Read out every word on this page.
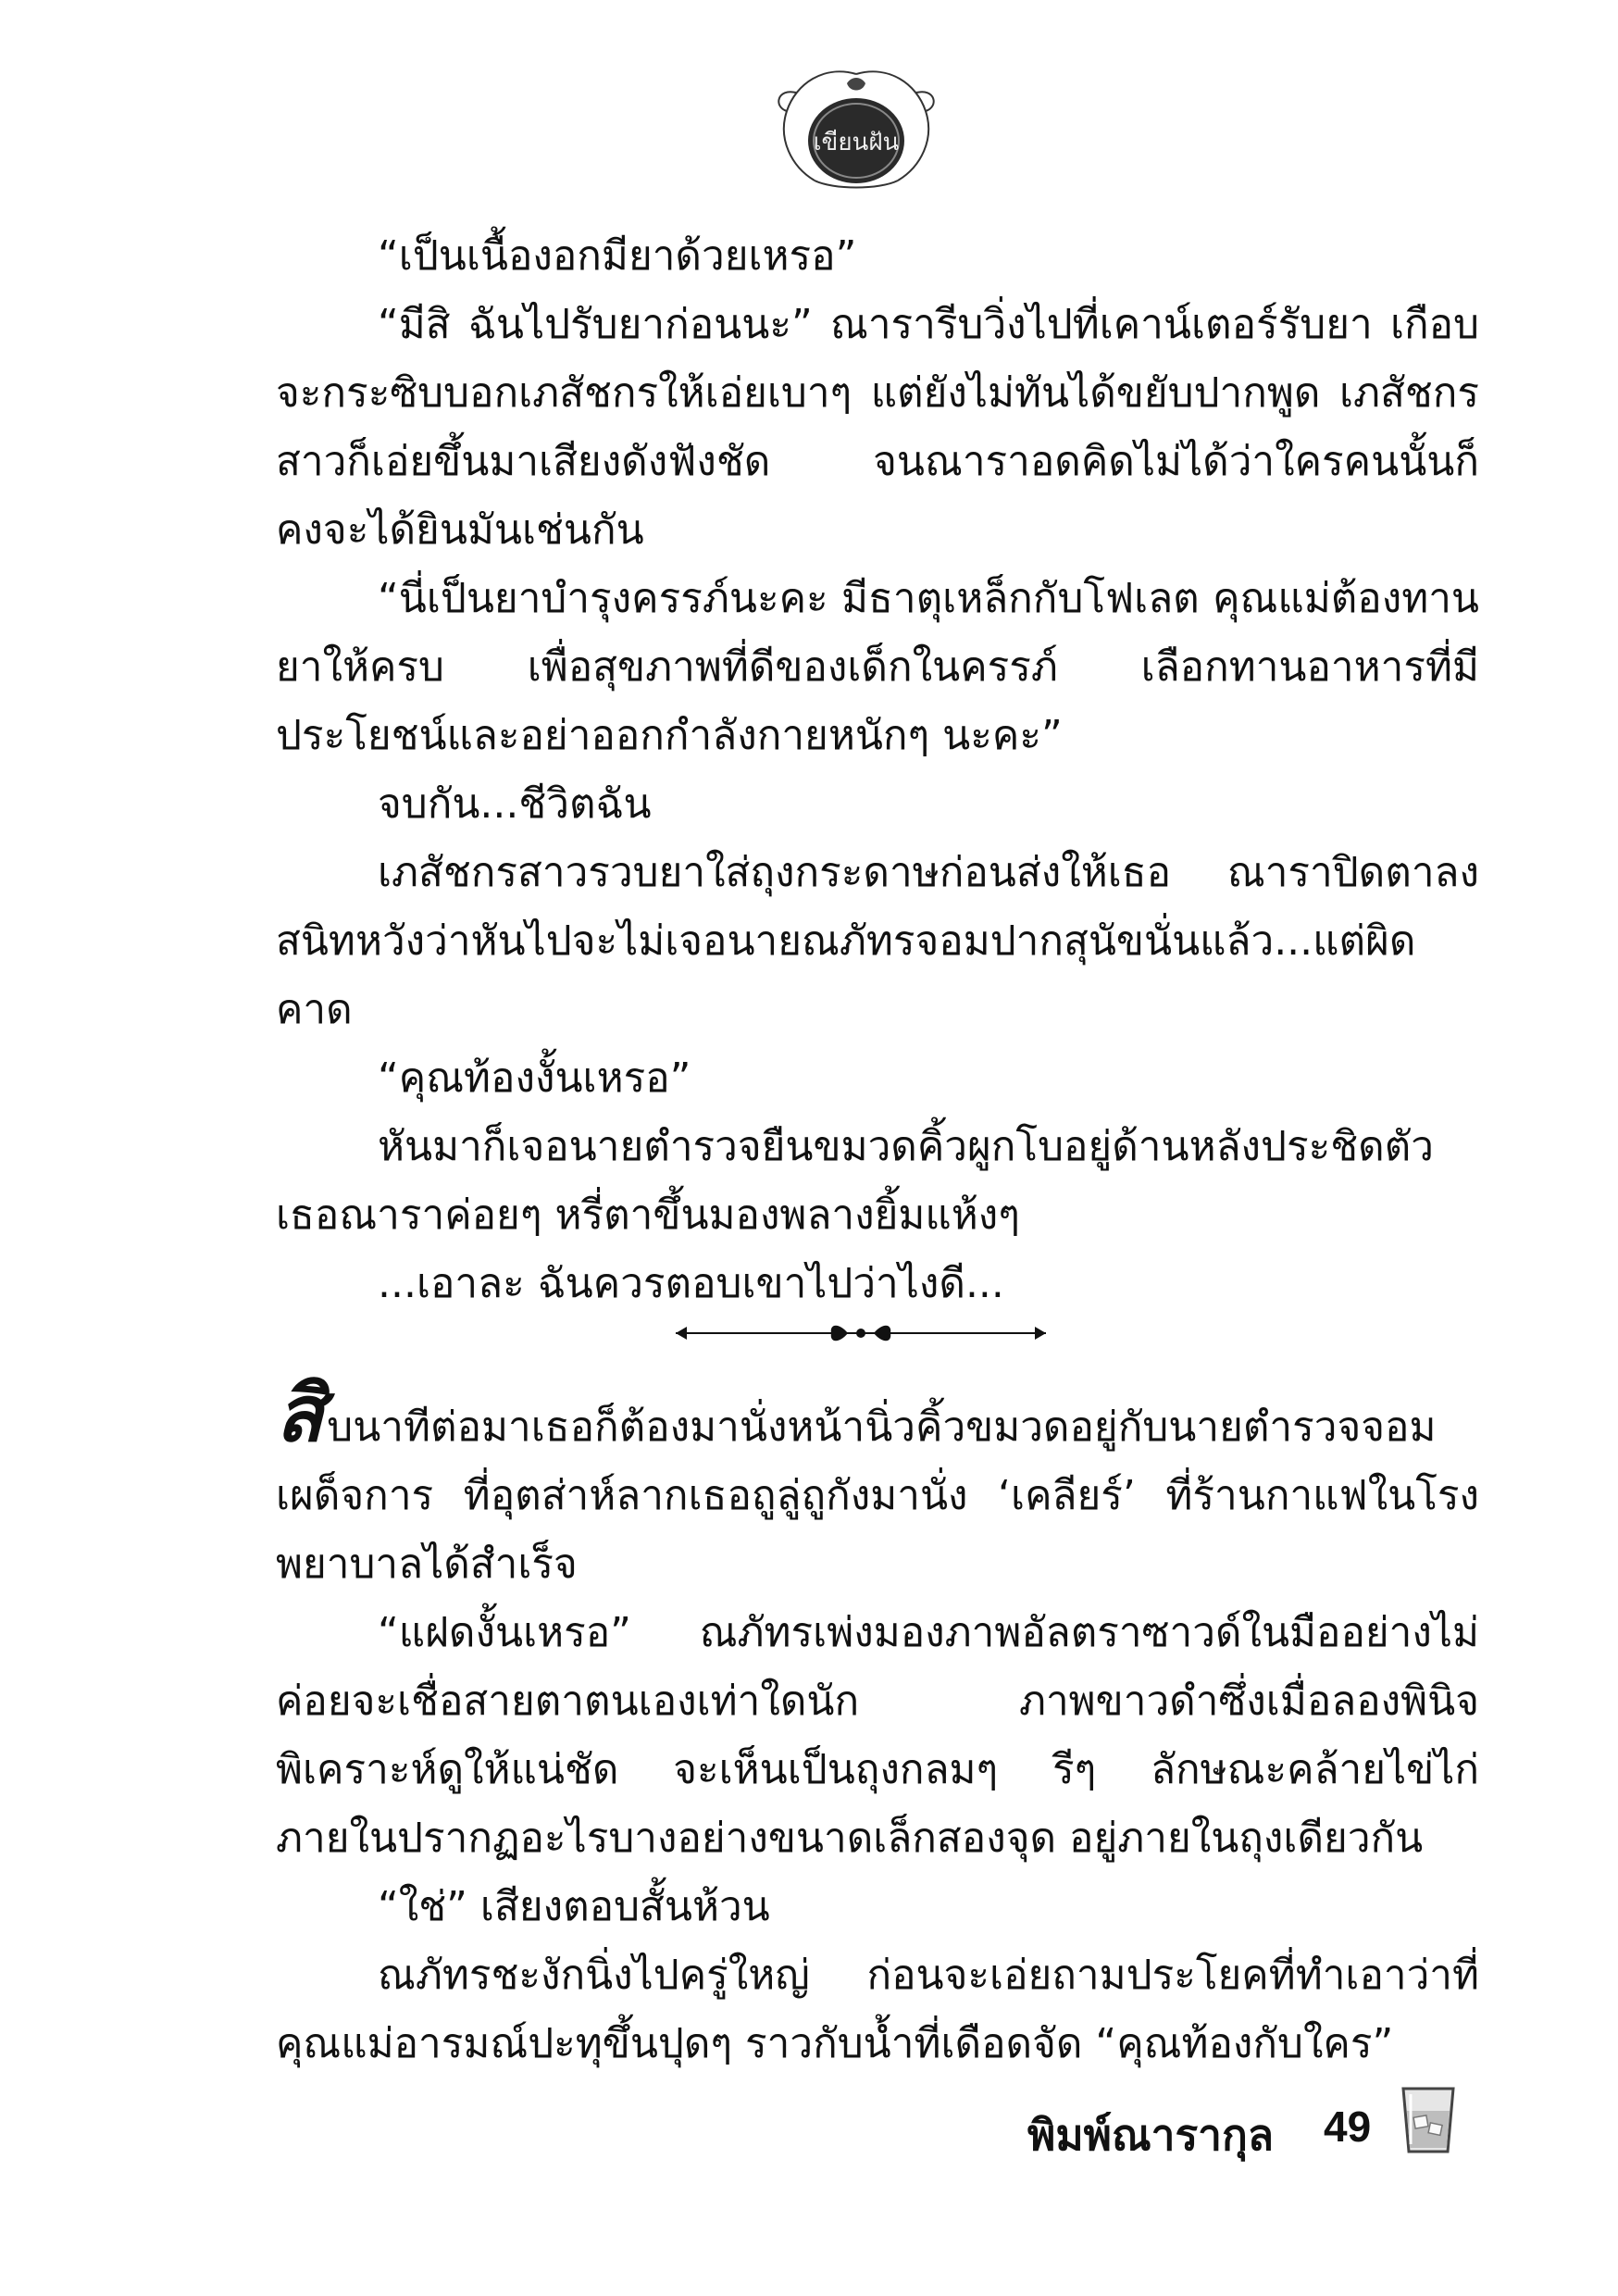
เขียนฝัน

“เป็นเนื้องอกมียาด้วยเหรอ”

“มีสิ ฉันไปรับยาก่อนนะ” ณารารีบวิ่งไปที่เคาน์เตอร์รับยา เกือบจะกระซิบบอกเภสัชกรให้เอ่ยเบาๆ แต่ยังไม่ทันได้ขยับปากพูด เภสัชกรสาวก็เอ่ยขึ้นมาเสียงดังฟังชัด จนณาราอดคิดไม่ได้ว่าใครคนนั้นก็คงจะได้ยินมันเช่นกัน

“นี่เป็นยาบำรุงครรภ์นะคะ มีธาตุเหล็กกับโฟเลต คุณแม่ต้องทานยาให้ครบ เพื่อสุขภาพที่ดีของเด็กในครรภ์ เลือกทานอาหารที่มีประโยชน์และอย่าออกกำลังกายหนักๆ นะคะ”

จบกัน...ชีวิตฉัน

เภสัชกรสาวรวบยาใส่ถุงกระดาษก่อนส่งให้เธอ ณาราปิดตาลงสนิทหวังว่าหันไปจะไม่เจอนายณภัทรจอมปากสุนัขนั่นแล้ว...แต่ผิดคาด

“คุณท้องงั้นเหรอ”

หันมาก็เจอนายตำรวจยืนขมวดคิ้วผูกโบอยู่ด้านหลังประชิดตัวเธอณาราค่อยๆ หรี่ตาขึ้นมองพลางยิ้มแห้งๆ

...เอาละ ฉันควรตอบเขาไปว่าไงดี...

สิบนาทีต่อมาเธอก็ต้องมานั่งหน้านิ่วคิ้วขมวดอยู่กับนายตำรวจจอมเผด็จการ ที่อุตส่าห์ลากเธอถูลู่ถูกังมานั่ง ‘เคลียร์’ ที่ร้านกาแฟในโรงพยาบาลได้สำเร็จ

“แฝดงั้นเหรอ” ณภัทรเพ่งมองภาพอัลตราซาวด์ในมืออย่างไม่ค่อยจะเชื่อสายตาตนเองเท่าใดนัก ภาพขาวดำซึ่งเมื่อลองพินิจพิเคราะห์ดูให้แน่ชัด จะเห็นเป็นถุงกลมๆ รีๆ ลักษณะคล้ายไข่ไก่ ภายในปรากฏอะไรบางอย่างขนาดเล็กสองจุด อยู่ภายในถุงเดียวกัน

“ใช่” เสียงตอบสั้นห้วน

ณภัทรชะงักนิ่งไปครู่ใหญ่ ก่อนจะเอ่ยถามประโยคที่ทำเอาว่าที่คุณแม่อารมณ์ปะทุขึ้นปุดๆ ราวกับน้ำที่เดือดจัด “คุณท้องกับใคร”

พิมพ์ณารากุล 49
